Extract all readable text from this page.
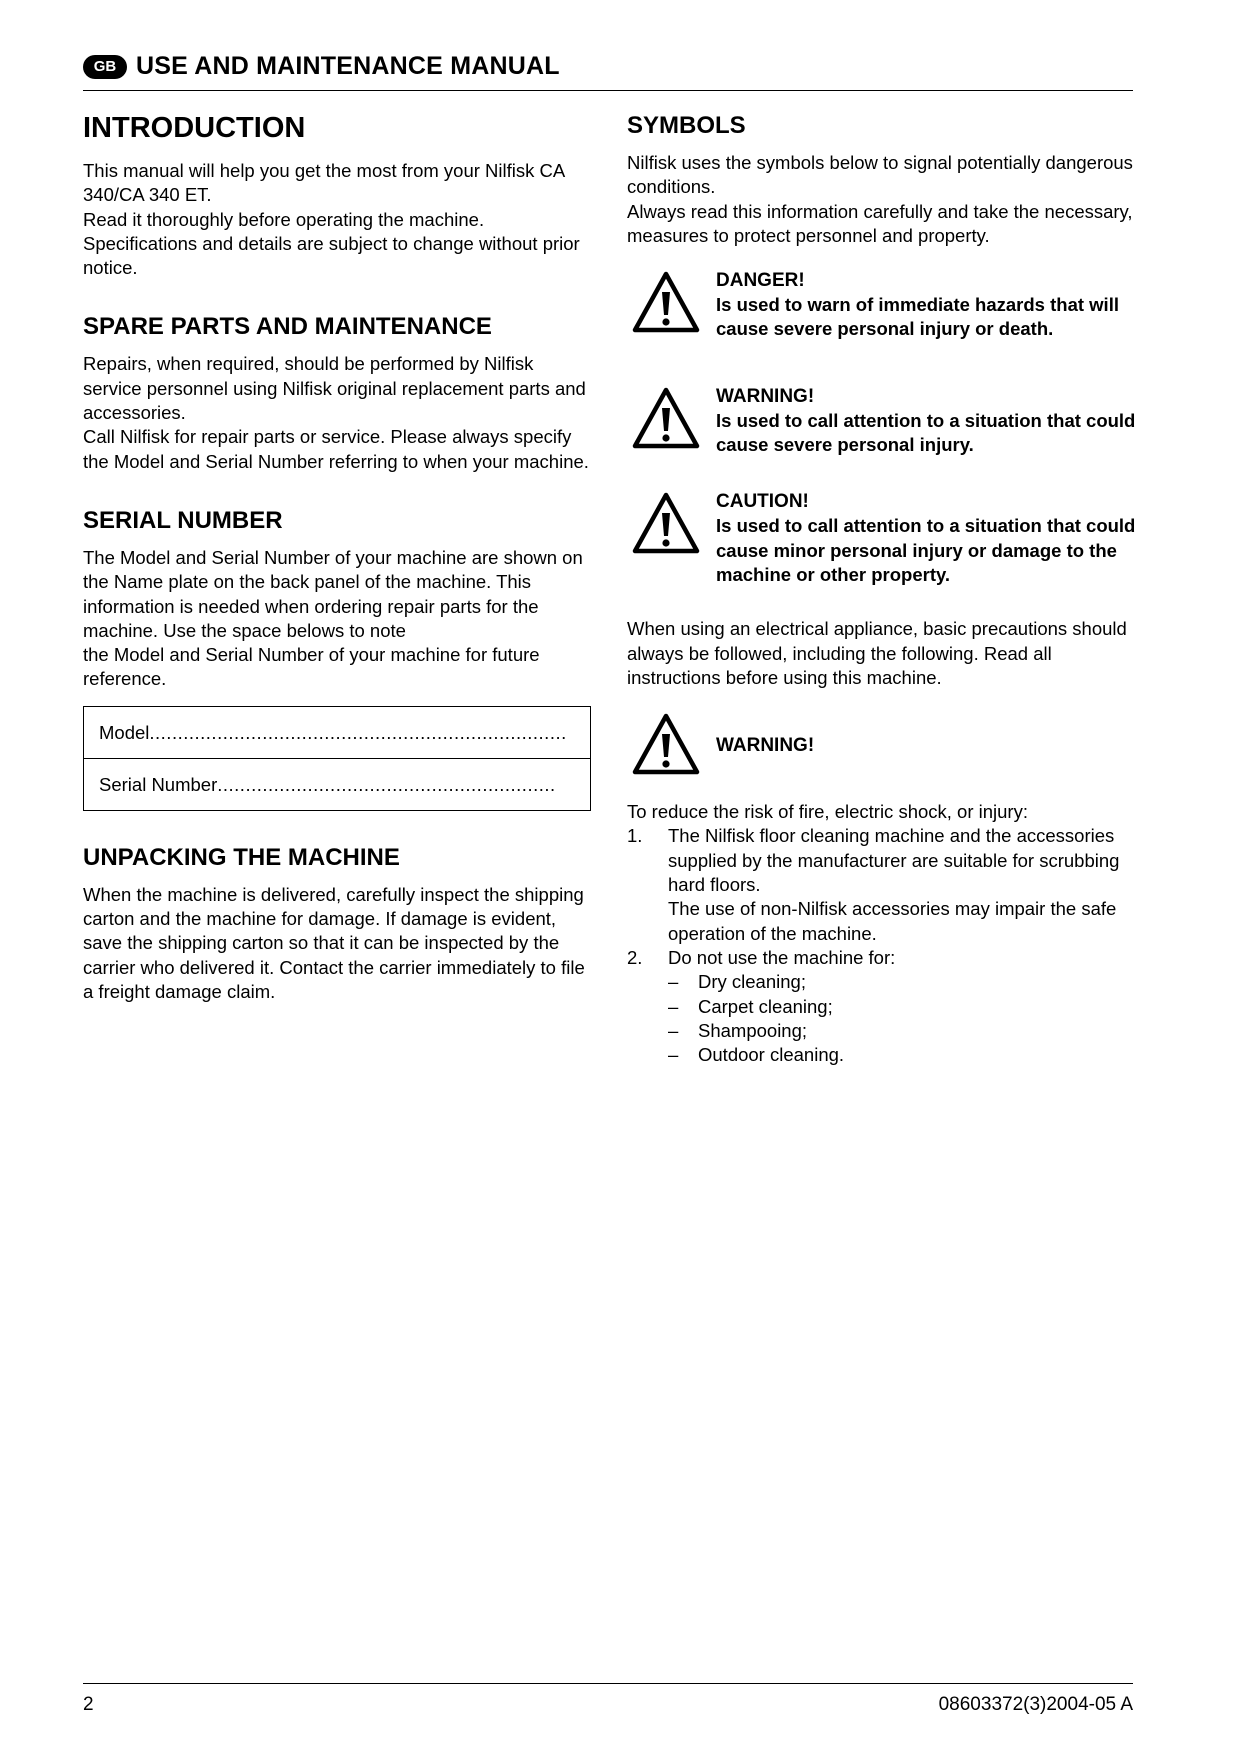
GB USE AND MAINTENANCE MANUAL
INTRODUCTION

This manual will help you get the most from your Nilfisk CA 340/CA 340 ET.

Read it thoroughly before operating the machine.

Specifications and details are subject to change without prior notice.

SPARE PARTS AND MAINTENANCE

Repairs, when required, should be performed by Nilfisk service personnel using Nilfisk original replacement parts and accessories.

Call Nilfisk for repair parts or service. Please always specify the Model and Serial Number referring to when your machine.

SERIAL NUMBER

The Model and Serial Number of your machine are shown on the Name plate on the back panel of the machine. This information is needed when ordering repair parts for the machine. Use the space belows to note

the Model and Serial Number of your machine for future reference.

Model..........................................................................
Serial Number............................................................
UNPACKING THE MACHINE

When the machine is delivered, carefully inspect the shipping carton and the machine for damage. If damage is evident, save the shipping carton so that it can be inspected by the carrier who delivered it. Contact the carrier immediately to file a freight damage claim.

SYMBOLS

Nilfisk uses the symbols below to signal potentially dangerous conditions.

Always read this information carefully and take the necessary, measures to protect personnel and property.

DANGER!
Is used to warn of immediate hazards that will cause severe personal injury or death.
WARNING!
Is used to call attention to a situation that could cause severe personal injury.
CAUTION!
Is used to call attention to a situation that could cause minor personal injury or damage to the machine or other property.

When using an electrical appliance, basic precautions should always be followed, including the following. Read all instructions before using this machine.

WARNING!

To reduce the risk of fire, electric shock, or injury:

1. The Nilfisk floor cleaning machine and the accessories supplied by the manufacturer are suitable for scrubbing hard floors.
The use of non-Nilfisk accessories may impair the safe operation of the machine.
2. Do not use the machine for:
– Dry cleaning;
– Carpet cleaning;
– Shampooing;
– Outdoor cleaning.
2	08603372(3)2004-05 A
